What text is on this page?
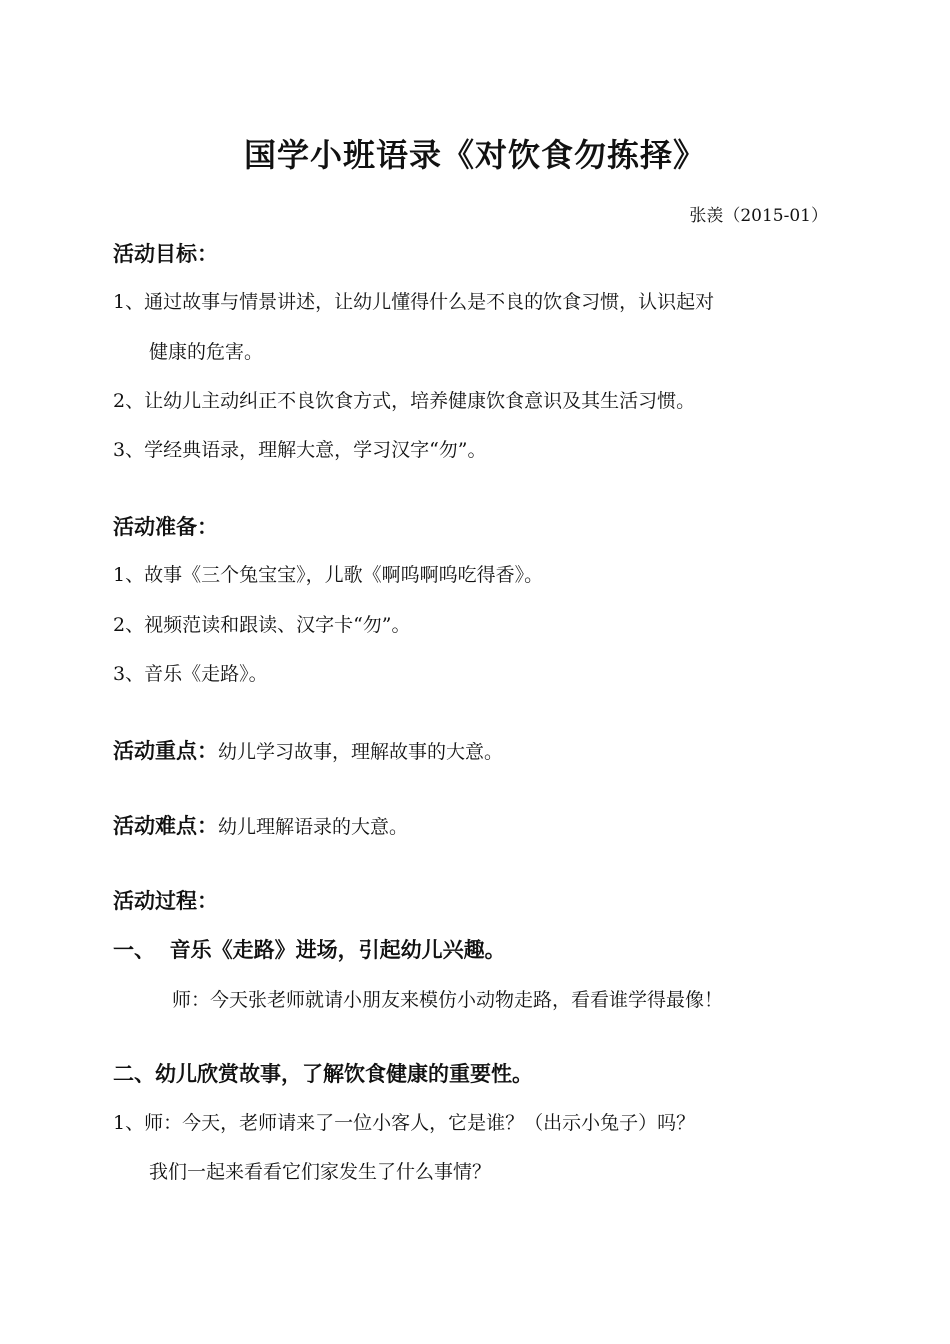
国学小班语录《对饮食勿拣择》
张羡（2015-01）
活动目标：
1、通过故事与情景讲述，让幼儿懂得什么是不良的饮食习惯，认识起对
健康的危害。
2、让幼儿主动纠正不良饮食方式，培养健康饮食意识及其生活习惯。
3、学经典语录，理解大意，学习汉字“勿”。
活动准备：
1、故事《三个兔宝宝》，儿歌《啊呜啊呜吃得香》。
2、视频范读和跟读、汉字卡“勿”。
3、音乐《走路》。
活动重点：幼儿学习故事，理解故事的大意。
活动难点：幼儿理解语录的大意。
活动过程：
一、  音乐《走路》进场，引起幼儿兴趣。
师：今天张老师就请小朋友来模仿小动物走路，看看谁学得最像！
二、幼儿欣赏故事，了解饮食健康的重要性。
1、师：今天，老师请来了一位小客人，它是谁？（出示小兔子）吗？
我们一起来看看它们家发生了什么事情？
